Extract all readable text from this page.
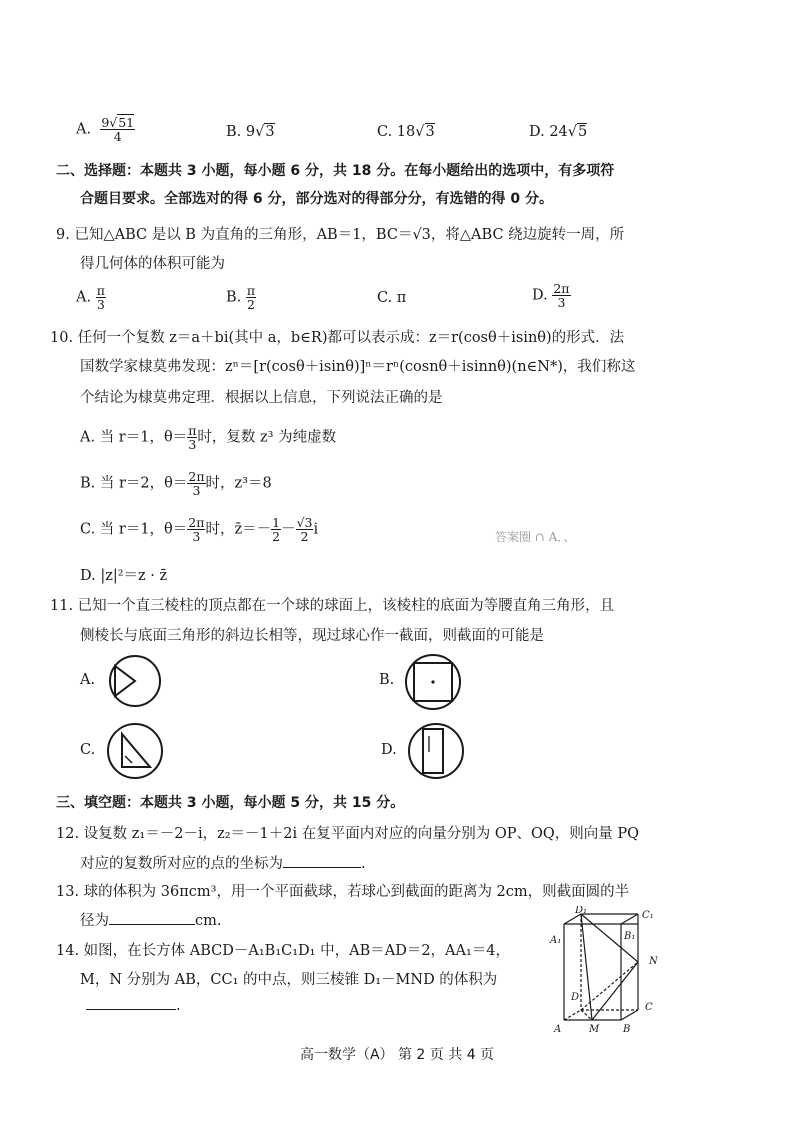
A. $\frac{9√51}{4}$	B. 9√3	C. 18√3	D. 24√5
二、选择题：本题共 3 小题，每小题 6 分，共 18 分。在每小题给出的选项中，有多项符
合题目要求。全部选对的得 6 分，部分选对的得部分分，有选错的得 0 分。
9. 已知△ABC 是以 B 为直角的三角形，AB＝1，BC＝√3，将△ABC 绕边旋转一周，所
得几何体的体积可能为
A. $\frac{\pi}{3}$	B. $\frac{\pi}{2}$	C. π	D. $\frac{2\pi}{3}$
10. 任何一个复数 z＝a＋bi(其中 a，b∈R)都可以表示成：z＝r(cosθ＋isinθ)的形式．法
国数学家棣莫弗发现：zⁿ＝[r(cosθ＋isinθ)]ⁿ＝rⁿ(cosnθ＋isinnθ)(n∈N*)，我们称这
个结论为棣莫弗定理．根据以上信息，下列说法正确的是
A. 当 r＝1，$\theta= \frac{\pi}{3}$ 时，复数 z³ 为纯虚数
B. 当 r＝2，$\theta= \frac{2\pi}{3}$ 时，z³＝8
C. 当 r＝1，$\theta= \frac{2\pi}{3}$ 时，z̄＝－ $\frac{1}{2} - \frac{√3}{2}$ i	答案圈 ∩ A．、
D. |z|²＝z · z̄
11. 已知一个直三棱柱的顶点都在一个球的球面上，该棱柱的底面为等腰直角三角形，且
侧棱长与底面三角形的斜边长相等，现过球心作一截面，则截面的可能是
A.	B.
C.	D.
三、填空题：本题共 3 小题，每小题 5 分，共 15 分。
12. 设复数 z₁＝－2－i，z₂＝－1＋2i 在复平面内对应的向量分别为 OP、OQ，则向量 PQ
对应的复数所对应的点的坐标为	.
13. 球的体积为 36πcm³，用一个平面截球，若球心到截面的距离为 2cm，则截面圆的半
径为	cm.
14. 如图，在长方体 ABCD－A₁B₁C₁D₁ 中，AB＝AD＝2，AA₁＝4，
M，N 分别为 AB，CC₁ 的中点，则三棱锥 D₁－MND 的体积为
.
D₁	C₁
A₁	B₁
N
D
C
A	M B
高一数学（A） 第 2 页 共 4 页
